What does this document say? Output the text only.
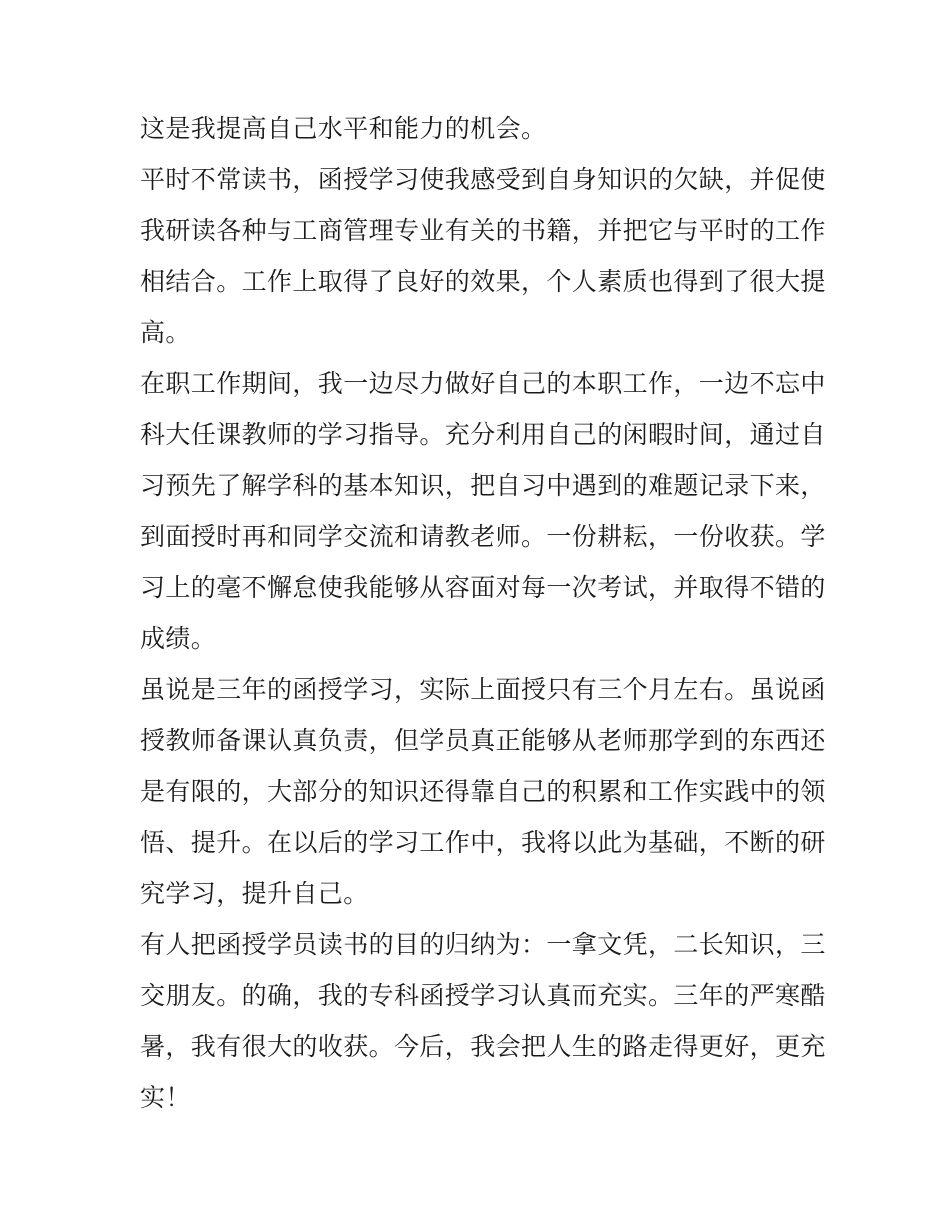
这是我提高自己水平和能力的机会。
平时不常读书，函授学习使我感受到自身知识的欠缺，并促使
我研读各种与工商管理专业有关的书籍，并把它与平时的工作
相结合。工作上取得了良好的效果，个人素质也得到了很大提
高。
在职工作期间，我一边尽力做好自己的本职工作，一边不忘中
科大任课教师的学习指导。充分利用自己的闲暇时间，通过自
习预先了解学科的基本知识，把自习中遇到的难题记录下来，
到面授时再和同学交流和请教老师。一份耕耘，一份收获。学
习上的毫不懈怠使我能够从容面对每一次考试，并取得不错的
成绩。
虽说是三年的函授学习，实际上面授只有三个月左右。虽说函
授教师备课认真负责，但学员真正能够从老师那学到的东西还
是有限的，大部分的知识还得靠自己的积累和工作实践中的领
悟、提升。在以后的学习工作中，我将以此为基础，不断的研
究学习，提升自己。
有人把函授学员读书的目的归纳为：一拿文凭，二长知识，三
交朋友。的确，我的专科函授学习认真而充实。三年的严寒酷
暑，我有很大的收获。今后，我会把人生的路走得更好，更充
实！
